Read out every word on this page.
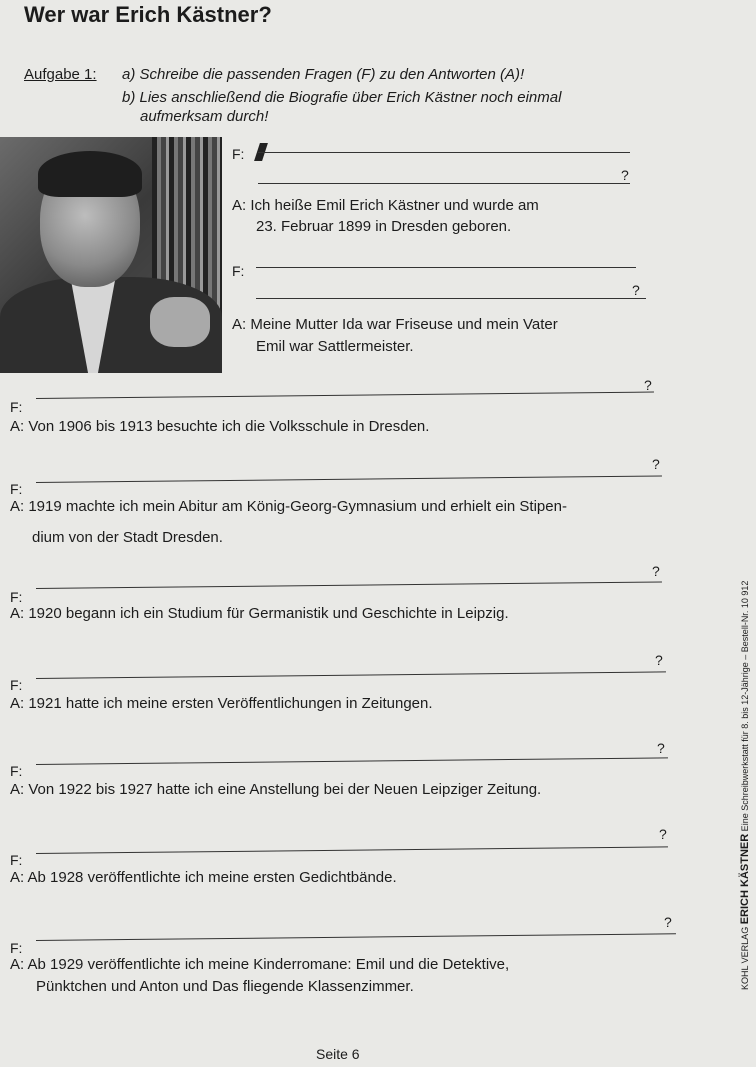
Wer war Erich Kästner?
Aufgabe 1: a) Schreibe die passenden Fragen (F) zu den Antworten (A)!
b) Lies anschließend die Biografie über Erich Kästner noch einmal
aufmerksam durch!
F:
?
A: Ich heiße Emil Erich Kästner und wurde am
23. Februar 1899 in Dresden geboren.
F:
?
A: Meine Mutter Ida war Friseuse und mein Vater
Emil war Sattlermeister.
F:
?
A: Von 1906 bis 1913 besuchte ich die Volksschule in Dresden.
F:
?
A: 1919 machte ich mein Abitur am König-Georg-Gymnasium und erhielt ein Stipen-
dium von der Stadt Dresden.
F:
?
A: 1920 begann ich ein Studium für Germanistik und Geschichte in Leipzig.
F:
?
A: 1921 hatte ich meine ersten Veröffentlichungen in Zeitungen.
F:
?
A: Von 1922 bis 1927 hatte ich eine Anstellung bei der Neuen Leipziger Zeitung.
F:
?
A: Ab 1928 veröffentlichte ich meine ersten Gedichtbände.
F:
?
A: Ab 1929 veröffentlichte ich meine Kinderromane: Emil und die Detektive,
Pünktchen und Anton und Das fliegende Klassenzimmer.	KOHL VERLAG ERICH KÄSTNER Eine Schreibwerkstatt für 8. bis 12-Jährige – Bestell-Nr. 10 912
Seite 6
